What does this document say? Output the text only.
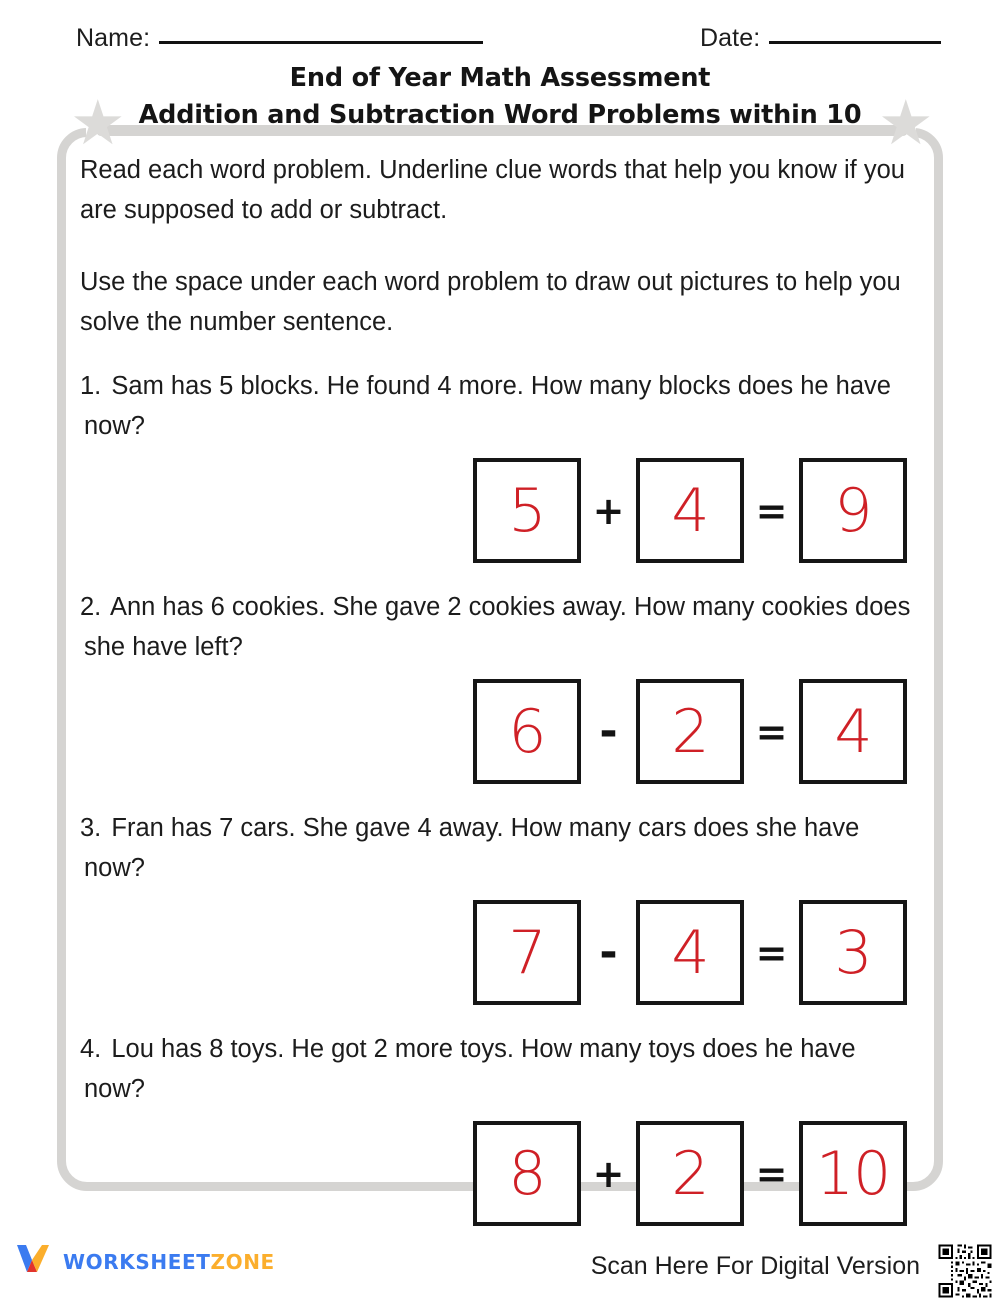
Name:	Date:
End of Year Math Assessment
Addition and Subtraction Word Problems within 10
★	★
Read each word problem. Underline clue words that help you know if you are supposed to add or subtract.
Use the space under each word problem to draw out pictures to help you solve the number sentence.
1. Sam has 5 blocks. He found 4 more. How many blocks does he have now?
5	+ 4	= 9
2. Ann has 6 cookies. She gave 2 cookies away. How many cookies does she have left?
6	- 2	= 4
3. Fran has 7 cars. She gave 4 away. How many cars does she have now?
7	- 4	= 3
4. Lou has 8 toys. He got 2 more toys. How many toys does he have now?
8	+ 2	= 10
WORKSHEETZONE	Scan Here For Digital Version
